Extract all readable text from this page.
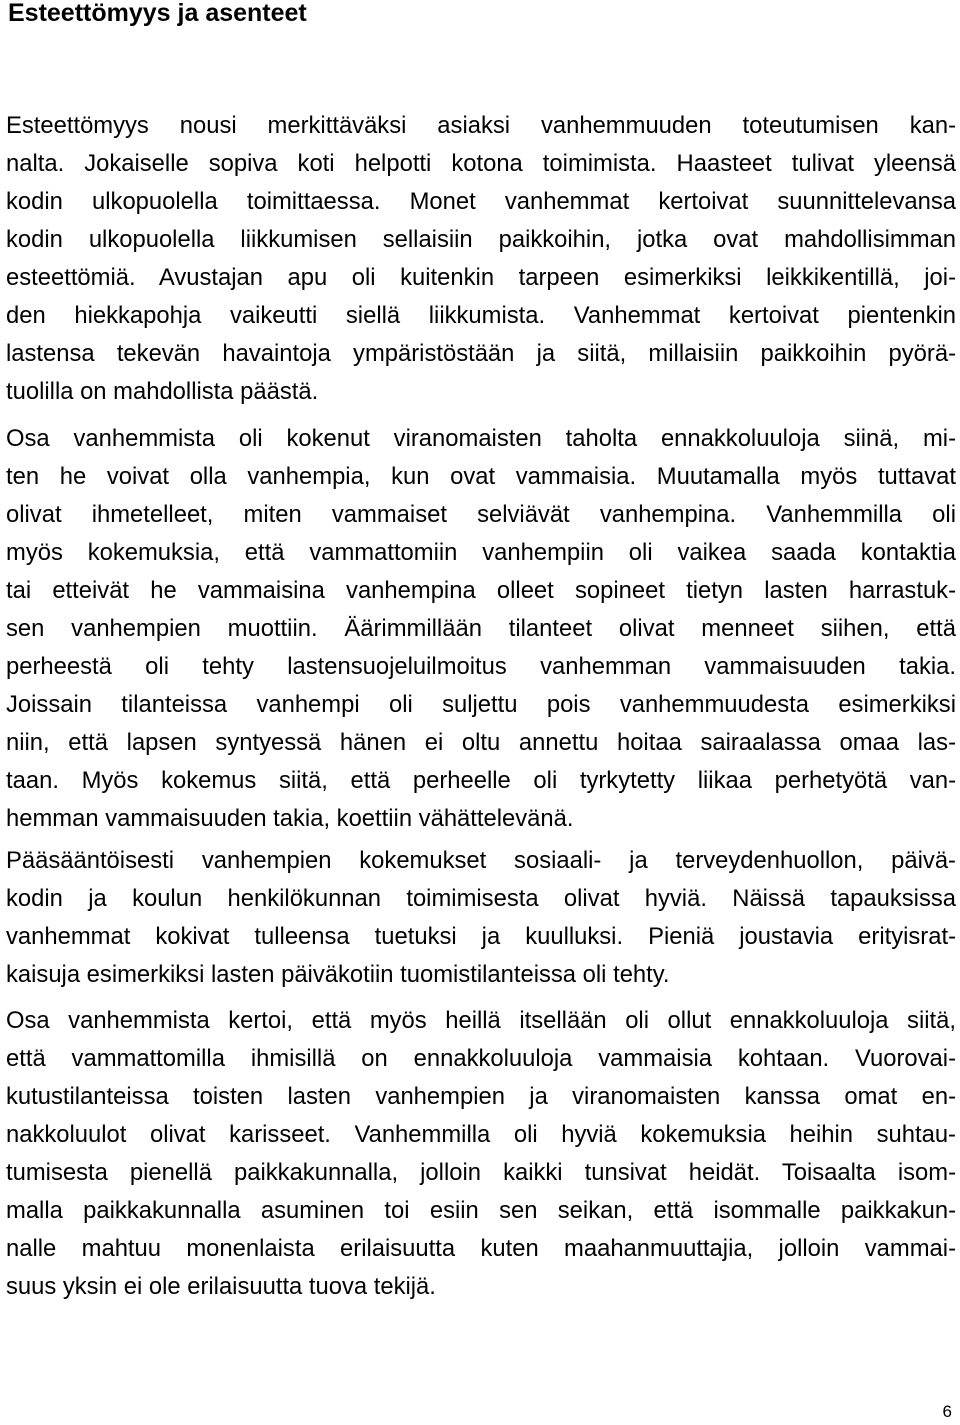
Esteettömyys ja asenteet

Esteettömyys nousi merkittäväksi asiaksi vanhemmuuden toteutumisen kan-
nalta. Jokaiselle sopiva koti helpotti kotona toimimista. Haasteet tulivat yleensä
kodin ulkopuolella toimittaessa. Monet vanhemmat kertoivat suunnittelevansa
kodin ulkopuolella liikkumisen sellaisiin paikkoihin, jotka ovat mahdollisimman
esteettömiä. Avustajan apu oli kuitenkin tarpeen esimerkiksi leikkikentillä, joi-
den hiekkapohja vaikeutti siellä liikkumista. Vanhemmat kertoivat pientenkin
lastensa tekevän havaintoja ympäristöstään ja siitä, millaisiin paikkoihin pyörä-
tuolilla on mahdollista päästä.

Osa vanhemmista oli kokenut viranomaisten taholta ennakkoluuloja siinä, mi-
ten he voivat olla vanhempia, kun ovat vammaisia. Muutamalla myös tuttavat
olivat ihmetelleet, miten vammaiset selviävät vanhempina. Vanhemmilla oli
myös kokemuksia, että vammattomiin vanhempiin oli vaikea saada kontaktia
tai etteivät he vammaisina vanhempina olleet sopineet tietyn lasten harrastuk-
sen vanhempien muottiin. Äärimmillään tilanteet olivat menneet siihen, että
perheestä oli tehty lastensuojeluilmoitus vanhemman vammaisuuden takia.
Joissain tilanteissa vanhempi oli suljettu pois vanhemmuudesta esimerkiksi
niin, että lapsen syntyessä hänen ei oltu annettu hoitaa sairaalassa omaa las-
taan. Myös kokemus siitä, että perheelle oli tyrkytetty liikaa perhetyötä van-
hemman vammaisuuden takia, koettiin vähättelevänä.

Pääsääntöisesti vanhempien kokemukset sosiaali- ja terveydenhuollon, päivä-
kodin ja koulun henkilökunnan toimimisesta olivat hyviä. Näissä tapauksissa
vanhemmat kokivat tulleensa tuetuksi ja kuulluksi. Pieniä joustavia erityisrat-
kaisuja esimerkiksi lasten päiväkotiin tuomistilanteissa oli tehty.

Osa vanhemmista kertoi, että myös heillä itsellään oli ollut ennakkoluuloja siitä,
että vammattomilla ihmisillä on ennakkoluuloja vammaisia kohtaan. Vuorovai-
kutustilanteissa toisten lasten vanhempien ja viranomaisten kanssa omat en-
nakkoluulot olivat karisseet. Vanhemmilla oli hyviä kokemuksia heihin suhtau-
tumisesta pienellä paikkakunnalla, jolloin kaikki tunsivat heidät. Toisaalta isom-
malla paikkakunnalla asuminen toi esiin sen seikan, että isommalle paikkakun-
nalle mahtuu monenlaista erilaisuutta kuten maahanmuuttajia, jolloin vammai-
suus yksin ei ole erilaisuutta tuova tekijä.

6
